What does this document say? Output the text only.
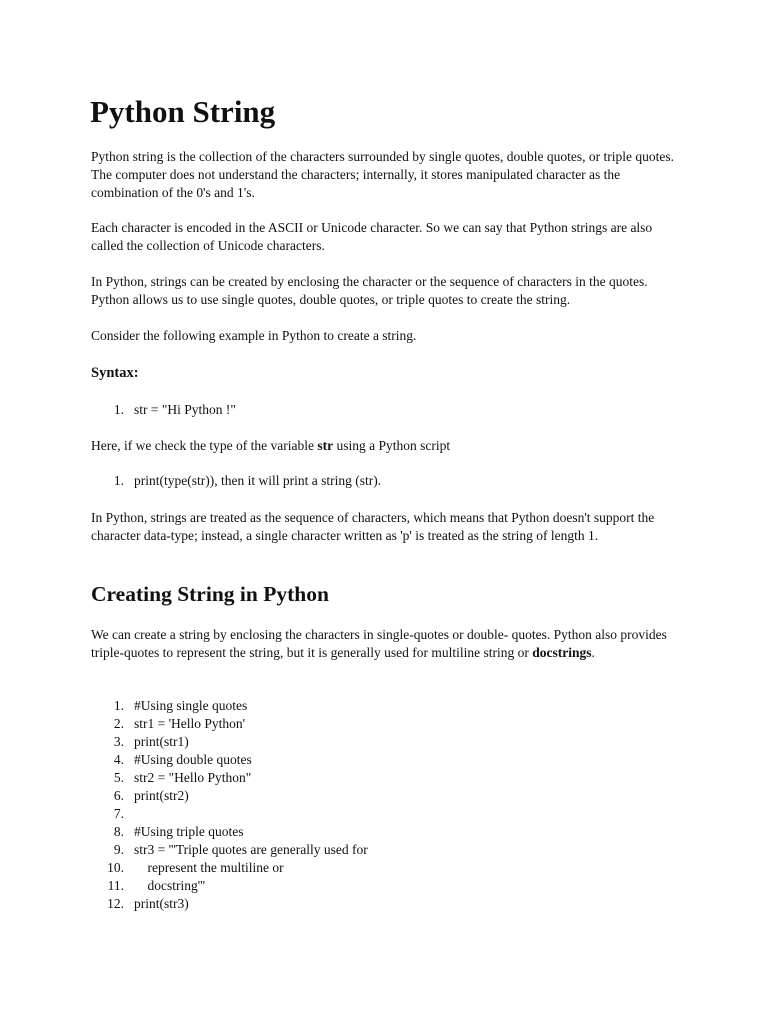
Python String

Python string is the collection of the characters surrounded by single quotes, double quotes, or triple quotes. The computer does not understand the characters; internally, it stores manipulated character as the combination of the 0's and 1's.

Each character is encoded in the ASCII or Unicode character. So we can say that Python strings are also called the collection of Unicode characters.

In Python, strings can be created by enclosing the character or the sequence of characters in the quotes. Python allows us to use single quotes, double quotes, or triple quotes to create the string.

Consider the following example in Python to create a string.

Syntax:

1. str = "Hi Python !"

Here, if we check the type of the variable str using a Python script

1. print(type(str)), then it will print a string (str).

In Python, strings are treated as the sequence of characters, which means that Python doesn't support the character data-type; instead, a single character written as 'p' is treated as the string of length 1.

Creating String in Python

We can create a string by enclosing the characters in single-quotes or double- quotes. Python also provides triple-quotes to represent the string, but it is generally used for multiline string or docstrings.

1. #Using single quotes
2. str1 = 'Hello Python'
3. print(str1)
4. #Using double quotes
5. str2 = "Hello Python"
6. print(str2)
7.
8. #Using triple quotes
9. str3 = '''Triple quotes are generally used for
10. represent the multiline or
11. docstring'''
12. print(str3)
